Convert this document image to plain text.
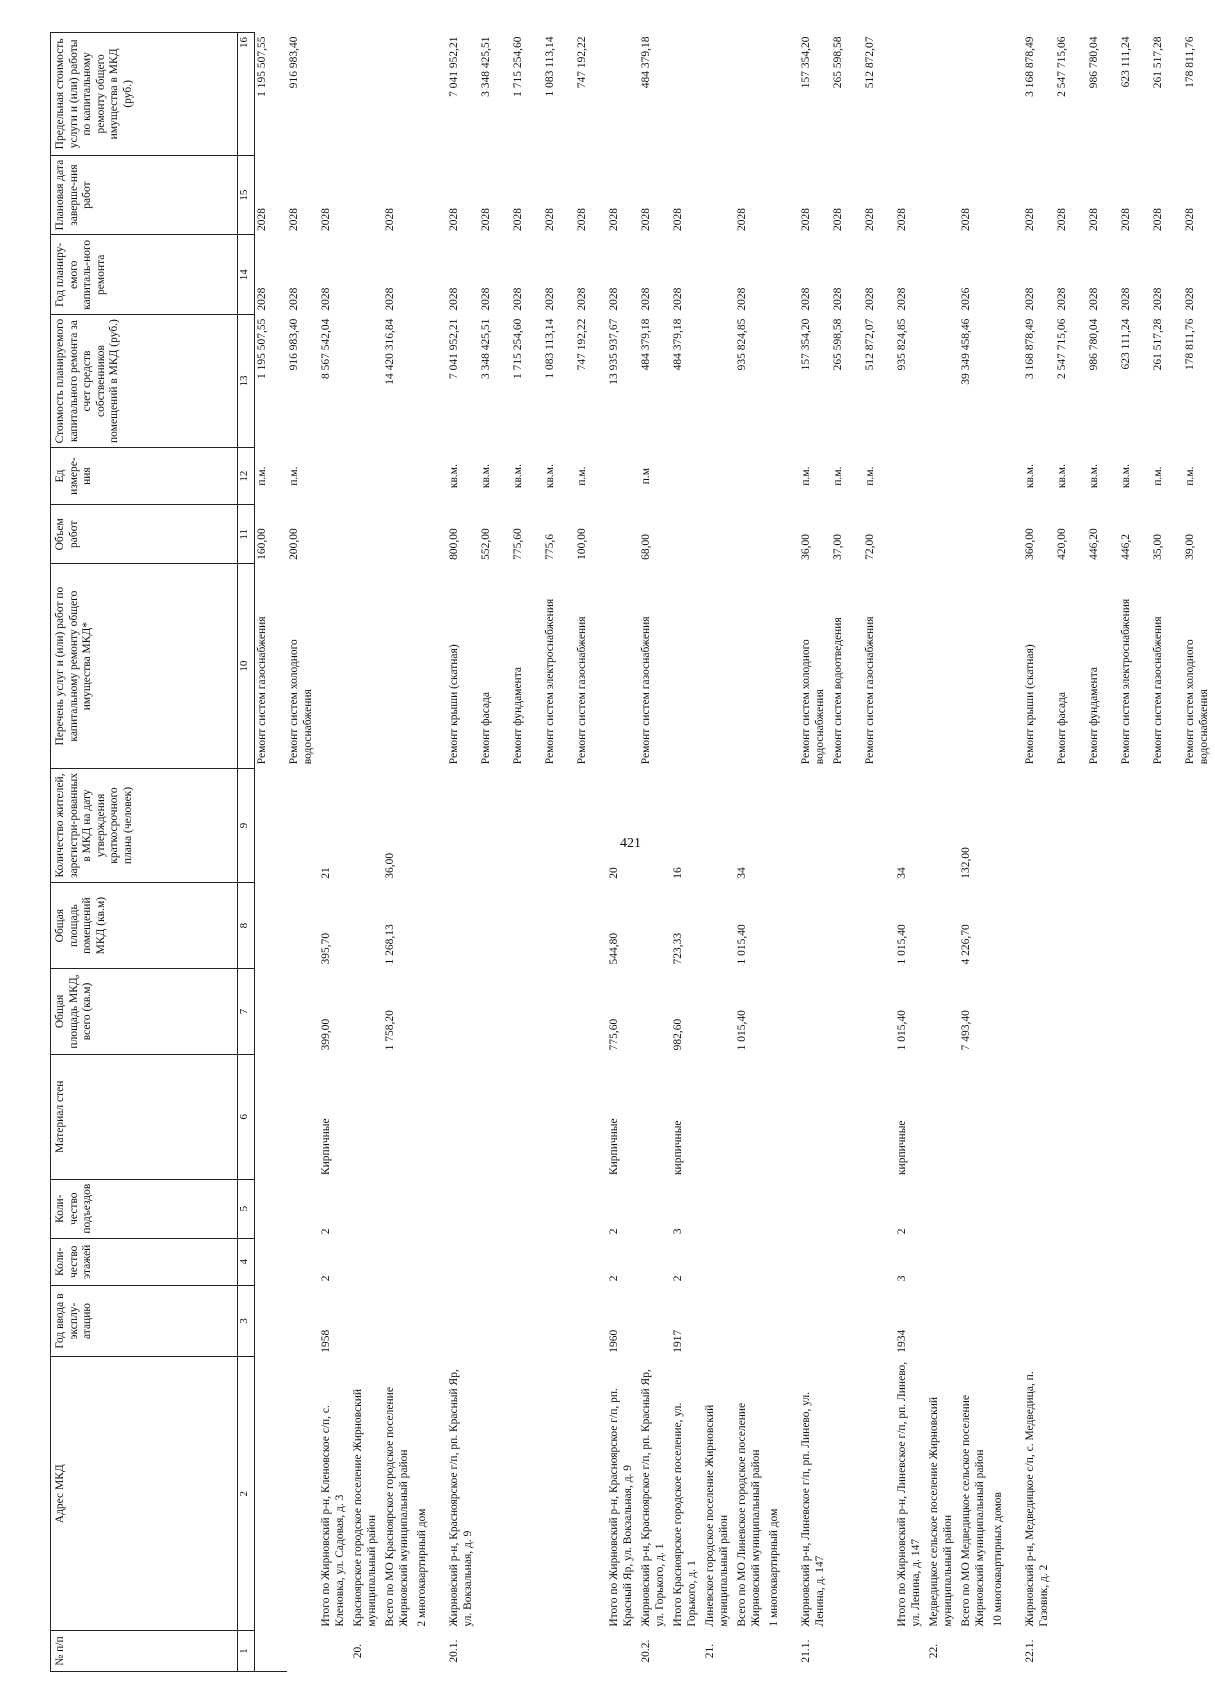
421
№ п/п	Адрес МКД	Год ввода в эксплу-атацию	Коли-чество этажей	Коли-чество подъездов	Материал стен	Общая площадь МКД, всего (кв.м)	Общая площадь помещений МКД (кв.м)	Количество жителей, зарегистри-рованных в МКД на дату утверждения краткосрочного плана (человек)	Перечень услуг и (или) работ по капитальному ремонту общего имущества МКД*	Объем работ	Ед измере-ния	Стоимость планируемого капитального ремонта за счет средств собственников помещений в МКД (руб.)	Год планиру-емого капиталь-ного ремонта	Плановая дата заверше-ния работ	Предельная стоимость услуги и (или) работы по капитальному ремонту общего имущества в МКД (руб.)
1	2	3	4	5	6	7	8	9	10	11	12	13	14	15	16
									Ремонт систем газоснабжения	160,00	п.м.	1 195 507,55	2028	2028	1 195 507,55
									Ремонт систем холодного водоснабжения	200,00	п.м.	916 983,40	2028	2028	916 983,40
	Итого по Жирновский р-н, Кленовское с/п, с. Кленовка, ул. Садовая, д. 3	1958	2	2	Кирпичные	399,00	395,70	21				8 567 542,04	2028	2028	
20.	Красноярское городское поселение Жирновский муниципальный район														
	Всего по МО Красноярское городское поселение Жирновский муниципальный район					1 758,20	1 268,13	36,00				14 420 316,84	2028	2028	
	2 многоквартирный дом														
20.1.	Жирновский р-н, Красноярское г/п, рп. Красный Яр, ул. Вокзальная, д. 9								Ремонт крыши (скатная)	800,00	кв.м.	7 041 952,21	2028	2028	7 041 952,21
									Ремонт фасада	552,00	кв.м.	3 348 425,51	2028	2028	3 348 425,51
									Ремонт фундамента	775,60	кв.м.	1 715 254,60	2028	2028	1 715 254,60
									Ремонт систем электроснабжения	775,6	кв.м.	1 083 113,14	2028	2028	1 083 113,14
									Ремонт систем газоснабжения	100,00	п.м.	747 192,22	2028	2028	747 192,22
	Итого по Жирновский р-н, Красноярское г/п, рп. Красный Яр, ул. Вокзальная, д. 9	1960	2	2	Кирпичные	775,60	544,80	20				13 935 937,67	2028	2028	
20.2.	Жирновский р-н, Красноярское г/п, рп. Красный Яр, ул. Горького, д. 1								Ремонт систем газоснабжения	68,00	п.м	484 379,18	2028	2028	484 379,18
	Итого Красноярское городское поселение, ул. Горького, д. 1	1917	2	3	кирпичные	982,60	723,33	16				484 379,18	2028	2028	
21.	Линевское городское поселение Жирновский муниципальный район														
	Всего по МО Линевское городское поселение Жирновский муниципальный район					1 015,40	1 015,40	34				935 824,85	2028	2028	
	1 многоквартирный дом														
21.1.	Жирновский р-н, Линевское г/п, рп. Линево, ул. Ленина, д. 147								Ремонт систем холодного водоснабжения	36,00	п.м.	157 354,20	2028	2028	157 354,20
									Ремонт систем водоотведения	37,00	п.м.	265 598,58	2028	2028	265 598,58
									Ремонт систем газоснабжения	72,00	п.м.	512 872,07	2028	2028	512 872,07
	Итого по Жирновский р-н, Линевское г/п, рп. Линево, ул. Ленина, д. 147	1934	3	2	кирпичные	1 015,40	1 015,40	34				935 824,85	2028	2028	
22.	Медведицкое сельское поселение Жирновский муниципальный район														
	Всего по МО Медведицкое сельское поселение Жирновский муниципальный район					7 493,40	4 226,70	132,00				39 349 458,46	2026	2028	
	10 многоквартирных домов														
22.1.	Жирновский р-н, Медведицкое с/п, с. Медведица, п. Газовик, д. 2								Ремонт крыши (скатная)	360,00	кв.м.	3 168 878,49	2028	2028	3 168 878,49
									Ремонт фасада	420,00	кв.м.	2 547 715,06	2028	2028	2 547 715,06
									Ремонт фундамента	446,20	кв.м.	986 780,04	2028	2028	986 780,04
									Ремонт систем электроснабжения	446,2	кв.м.	623 111,24	2028	2028	623 111,24
									Ремонт систем газоснабжения	35,00	п.м.	261 517,28	2028	2028	261 517,28
									Ремонт систем холодного водоснабжения	39,00	п.м.	178 811,76	2028	2028	178 811,76
